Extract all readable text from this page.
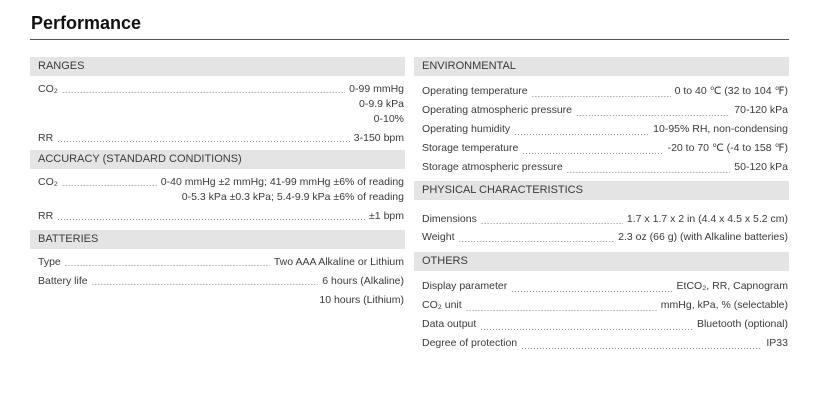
Performance
RANGES
CO₂ .....	0-99 mmHg
0-9.9 kPa
0-10%
RR .....	3-150 bpm
ACCURACY (STANDARD CONDITIONS)
CO₂ .....	0-40 mmHg ±2 mmHg; 41-99 mmHg ±6% of reading
0-5.3 kPa ±0.3 kPa; 5.4-9.9 kPa ±6% of reading
RR .....	±1 bpm
BATTERIES
Type .....	Two AAA Alkaline or Lithium
Battery life .....	6 hours (Alkaline)
10 hours (Lithium)
ENVIRONMENTAL
Operating temperature .....	0 to 40 ℃ (32 to 104 ℉)
Operating atmospheric pressure .....	70-120 kPa
Operating humidity .....	10-95% RH, non-condensing
Storage temperature .....	-20 to 70 ℃ (-4 to 158 ℉)
Storage atmospheric pressure .....	50-120 kPa
PHYSICAL CHARACTERISTICS
Dimensions .....	1.7 x 1.7 x 2 in (4.4 x 4.5 x 5.2 cm)
Weight .....	2.3 oz (66 g) (with Alkaline batteries)
OTHERS
Display parameter .....	EtCO₂, RR, Capnogram
CO₂ unit .....	mmHg, kPa, % (selectable)
Data output .....	Bluetooth (optional)
Degree of protection .....	IP33
